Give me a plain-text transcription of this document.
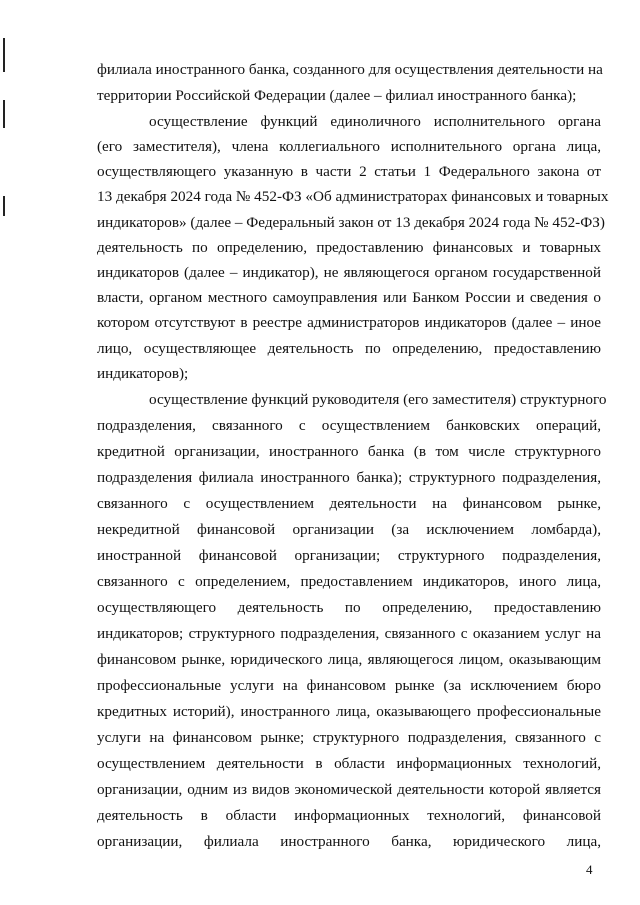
филиала иностранного банка, созданного для осуществления деятельности на
территории Российской Федерации (далее – филиал иностранного банка);
осуществление функций единоличного исполнительного органа
(его заместителя), члена коллегиального исполнительного органа лица,
осуществляющего указанную в части 2 статьи 1 Федерального закона от
13 декабря 2024 года № 452-ФЗ «Об администраторах финансовых и товарных
индикаторов» (далее – Федеральный закон от 13 декабря 2024 года № 452-ФЗ)
деятельность по определению, предоставлению финансовых и товарных
индикаторов (далее – индикатор), не являющегося органом государственной
власти, органом местного самоуправления или Банком России и сведения о
котором отсутствуют в реестре администраторов индикаторов (далее – иное
лицо, осуществляющее деятельность по определению, предоставлению
индикаторов);
осуществление функций руководителя (его заместителя) структурного
подразделения, связанного с осуществлением банковских операций,
кредитной организации, иностранного банка (в том числе структурного
подразделения филиала иностранного банка); структурного подразделения,
связанного с осуществлением деятельности на финансовом рынке,
некредитной финансовой организации (за исключением ломбарда),
иностранной финансовой организации; структурного подразделения,
связанного с определением, предоставлением индикаторов, иного лица,
осуществляющего деятельность по определению, предоставлению
индикаторов; структурного подразделения, связанного с оказанием услуг на
финансовом рынке, юридического лица, являющегося лицом, оказывающим
профессиональные услуги на финансовом рынке (за исключением бюро
кредитных историй), иностранного лица, оказывающего профессиональные
услуги на финансовом рынке; структурного подразделения, связанного с
осуществлением деятельности в области информационных технологий,
организации, одним из видов экономической деятельности которой является
деятельность в области информационных технологий, финансовой
организации, филиала иностранного банка, юридического лица,
4
